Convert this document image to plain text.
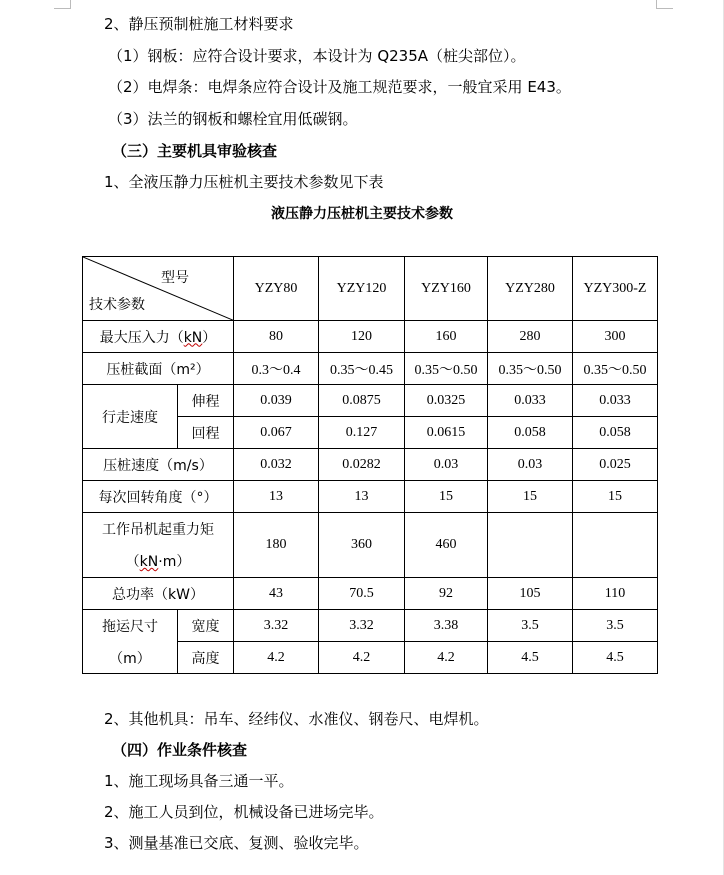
2、静压预制桩施工材料要求
（1）钢板：应符合设计要求，本设计为 Q235A（桩尖部位）。
（2）电焊条：电焊条应符合设计及施工规范要求，一般宜采用 E43。
（3）法兰的钢板和螺栓宜用低碳钢。
（三）主要机具审验核查
1、全液压静力压桩机主要技术参数见下表
液压静力压桩机主要技术参数
型号
技术参数		YZY80	YZY120	YZY160	YZY280	YZY300-Z
最大压入力（kN）		80	120	160	280	300
压桩截面（m²）		0.3～0.4	0.35～0.45	0.35～0.50	0.35～0.50	0.35～0.50
行走速度	伸程	0.039	0.0875	0.0325	0.033	0.033
	回程	0.067	0.127	0.0615	0.058	0.058
压桩速度（m/s）		0.032	0.0282	0.03	0.03	0.025
每次回转角度（°）		13	13	15	15	15

工作吊机起重力矩
（kN·m）		180	360	460		
总功率（kW）		43	70.5	92	105	110

拖运尺寸
（m）	宽度	3.32	3.32	3.38	3.5	3.5
	高度	4.2	4.2	4.2	4.5	4.5
2、其他机具：吊车、经纬仪、水准仪、钢卷尺、电焊机。
（四）作业条件核查
1、施工现场具备三通一平。
2、施工人员到位，机械设备已进场完毕。
3、测量基准已交底、复测、验收完毕。
